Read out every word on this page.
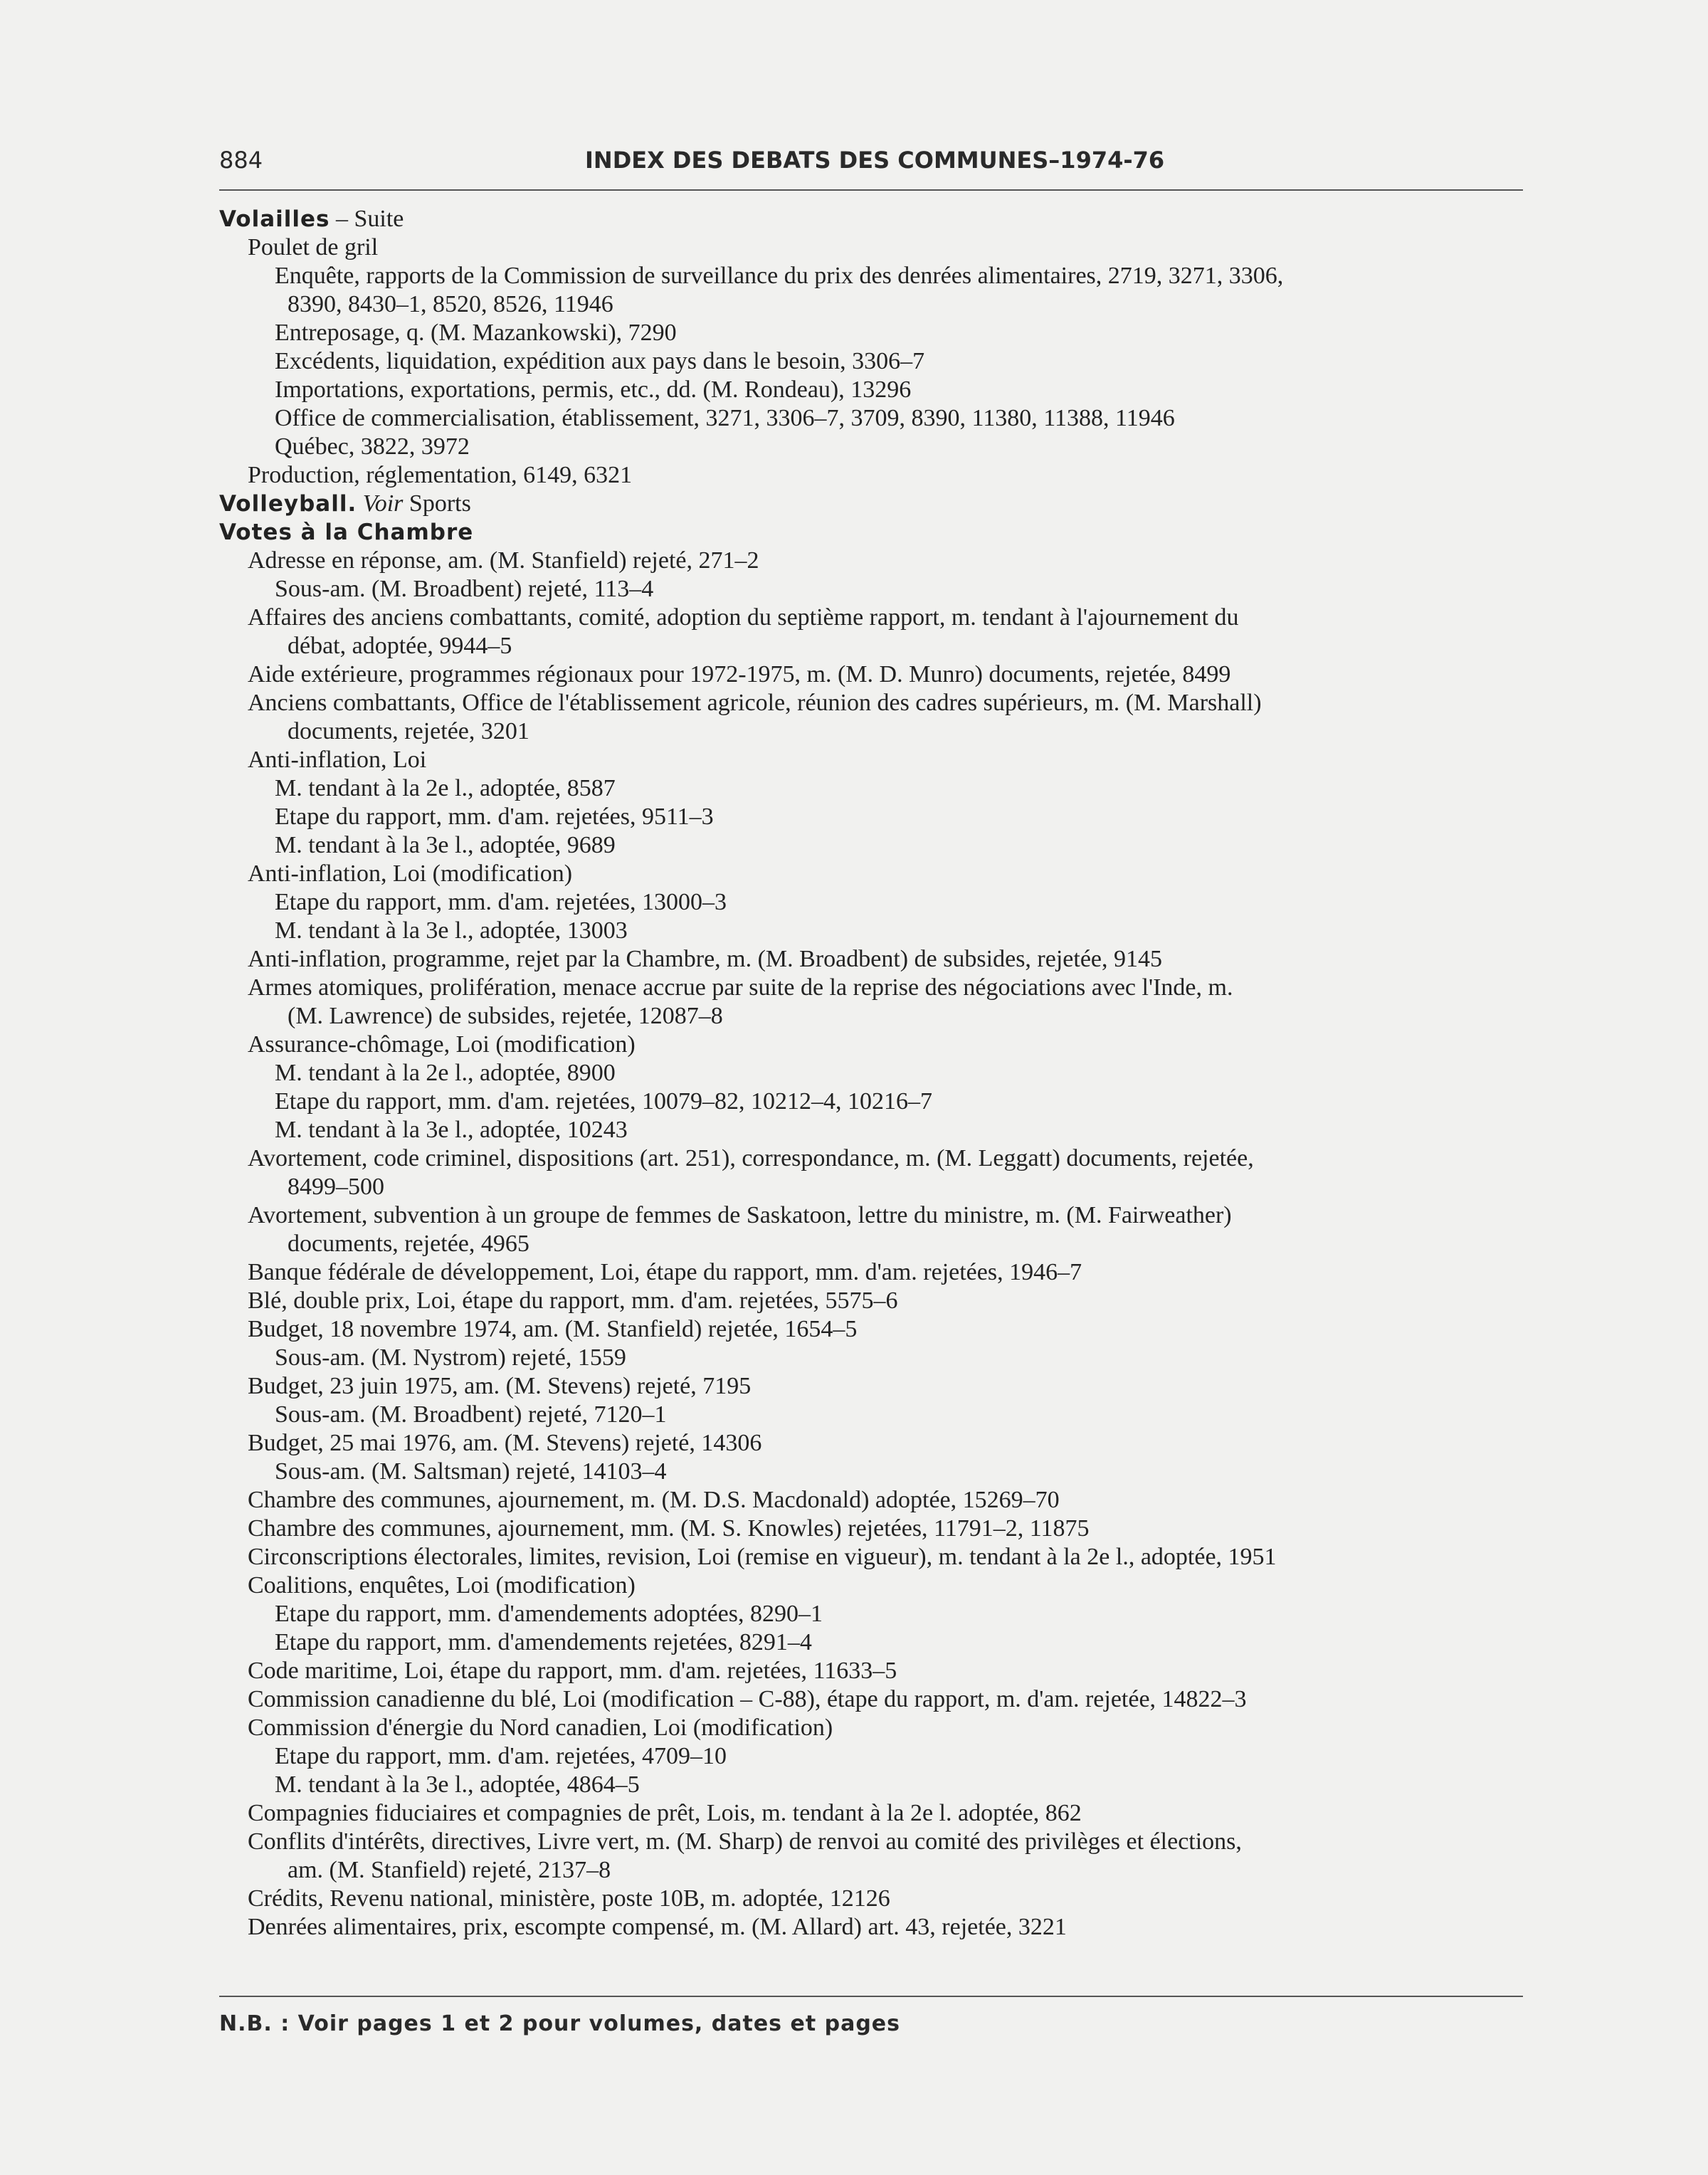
884	INDEX DES DEBATS DES COMMUNES–1974-76
Volailles – Suite
Poulet de gril
Enquête, rapports de la Commission de surveillance du prix des denrées alimentaires, 2719, 3271, 3306,
8390, 8430–1, 8520, 8526, 11946
Entreposage, q. (M. Mazankowski), 7290
Excédents, liquidation, expédition aux pays dans le besoin, 3306–7
Importations, exportations, permis, etc., dd. (M. Rondeau), 13296
Office de commercialisation, établissement, 3271, 3306–7, 3709, 8390, 11380, 11388, 11946
Québec, 3822, 3972
Production, réglementation, 6149, 6321
Volleyball. Voir Sports
Votes à la Chambre
Adresse en réponse, am. (M. Stanfield) rejeté, 271–2
Sous-am. (M. Broadbent) rejeté, 113–4
Affaires des anciens combattants, comité, adoption du septième rapport, m. tendant à l'ajournement du
débat, adoptée, 9944–5
Aide extérieure, programmes régionaux pour 1972-1975, m. (M. D. Munro) documents, rejetée, 8499
Anciens combattants, Office de l'établissement agricole, réunion des cadres supérieurs, m. (M. Marshall)
documents, rejetée, 3201
Anti-inflation, Loi
M. tendant à la 2e l., adoptée, 8587
Etape du rapport, mm. d'am. rejetées, 9511–3
M. tendant à la 3e l., adoptée, 9689
Anti-inflation, Loi (modification)
Etape du rapport, mm. d'am. rejetées, 13000–3
M. tendant à la 3e l., adoptée, 13003
Anti-inflation, programme, rejet par la Chambre, m. (M. Broadbent) de subsides, rejetée, 9145
Armes atomiques, prolifération, menace accrue par suite de la reprise des négociations avec l'Inde, m.
(M. Lawrence) de subsides, rejetée, 12087–8
Assurance-chômage, Loi (modification)
M. tendant à la 2e l., adoptée, 8900
Etape du rapport, mm. d'am. rejetées, 10079–82, 10212–4, 10216–7
M. tendant à la 3e l., adoptée, 10243
Avortement, code criminel, dispositions (art. 251), correspondance, m. (M. Leggatt) documents, rejetée,
8499–500
Avortement, subvention à un groupe de femmes de Saskatoon, lettre du ministre, m. (M. Fairweather)
documents, rejetée, 4965
Banque fédérale de développement, Loi, étape du rapport, mm. d'am. rejetées, 1946–7
Blé, double prix, Loi, étape du rapport, mm. d'am. rejetées, 5575–6
Budget, 18 novembre 1974, am. (M. Stanfield) rejetée, 1654–5
Sous-am. (M. Nystrom) rejeté, 1559
Budget, 23 juin 1975, am. (M. Stevens) rejeté, 7195
Sous-am. (M. Broadbent) rejeté, 7120–1
Budget, 25 mai 1976, am. (M. Stevens) rejeté, 14306
Sous-am. (M. Saltsman) rejeté, 14103–4
Chambre des communes, ajournement, m. (M. D.S. Macdonald) adoptée, 15269–70
Chambre des communes, ajournement, mm. (M. S. Knowles) rejetées, 11791–2, 11875
Circonscriptions électorales, limites, revision, Loi (remise en vigueur), m. tendant à la 2e l., adoptée, 1951
Coalitions, enquêtes, Loi (modification)
Etape du rapport, mm. d'amendements adoptées, 8290–1
Etape du rapport, mm. d'amendements rejetées, 8291–4
Code maritime, Loi, étape du rapport, mm. d'am. rejetées, 11633–5
Commission canadienne du blé, Loi (modification – C-88), étape du rapport, m. d'am. rejetée, 14822–3
Commission d'énergie du Nord canadien, Loi (modification)
Etape du rapport, mm. d'am. rejetées, 4709–10
M. tendant à la 3e l., adoptée, 4864–5
Compagnies fiduciaires et compagnies de prêt, Lois, m. tendant à la 2e l. adoptée, 862
Conflits d'intérêts, directives, Livre vert, m. (M. Sharp) de renvoi au comité des privilèges et élections,
am. (M. Stanfield) rejeté, 2137–8
Crédits, Revenu national, ministère, poste 10B, m. adoptée, 12126
Denrées alimentaires, prix, escompte compensé, m. (M. Allard) art. 43, rejetée, 3221
N.B. : Voir pages 1 et 2 pour volumes, dates et pages
